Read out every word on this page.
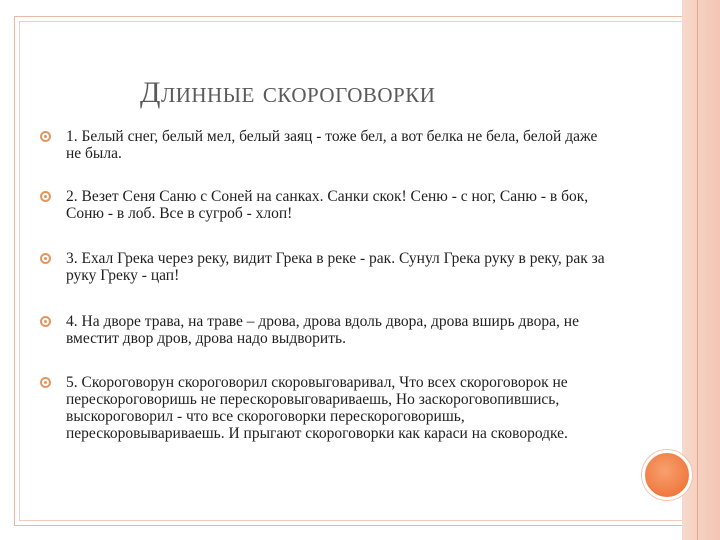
Длинные скороговорки
1. Белый снег, белый мел, белый заяц - тоже бел, а вот белка не бела, белой даже не была.
2. Везет Сеня Саню с Соней на санках. Санки скок! Сеню - с ног, Саню - в бок, Соню - в лоб. Все в сугроб - хлоп!
3. Ехал Грека через реку, видит Грека в реке - рак. Сунул Грека руку в реку, рак за руку Греку - цап!
4. На дворе трава, на траве – дрова, дрова вдоль двора, дрова вширь двора, не вместит двор дров, дрова надо выдворить.
5. Скороговорун скороговорил скоровыговаривал, Что всех скороговорок не перескороговоришь не перескоровыговариваешь, Но заскороговопившись, выскороговорил - что все скороговорки перескороговоришь, перескоровывариваешь. И прыгают скороговорки как караси на сковородке.
